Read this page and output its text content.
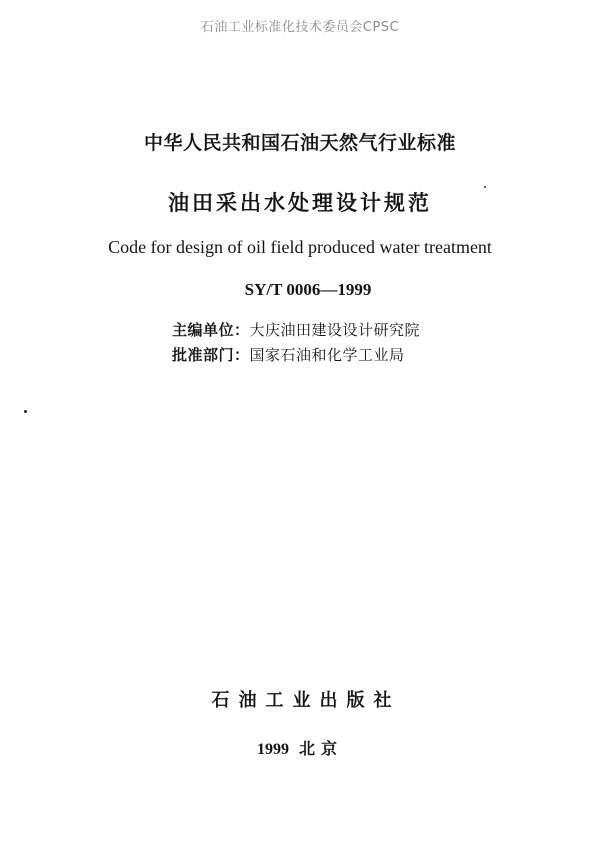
石油工业标准化技术委员会CPSC
中华人民共和国石油天然气行业标准
油田采出水处理设计规范
Code for design of oil field produced water treatment
SY/T 0006—1999
主编单位：大庆油田建设设计研究院
批准部门：国家石油和化学工业局
石油工业出版社
1999 北京
